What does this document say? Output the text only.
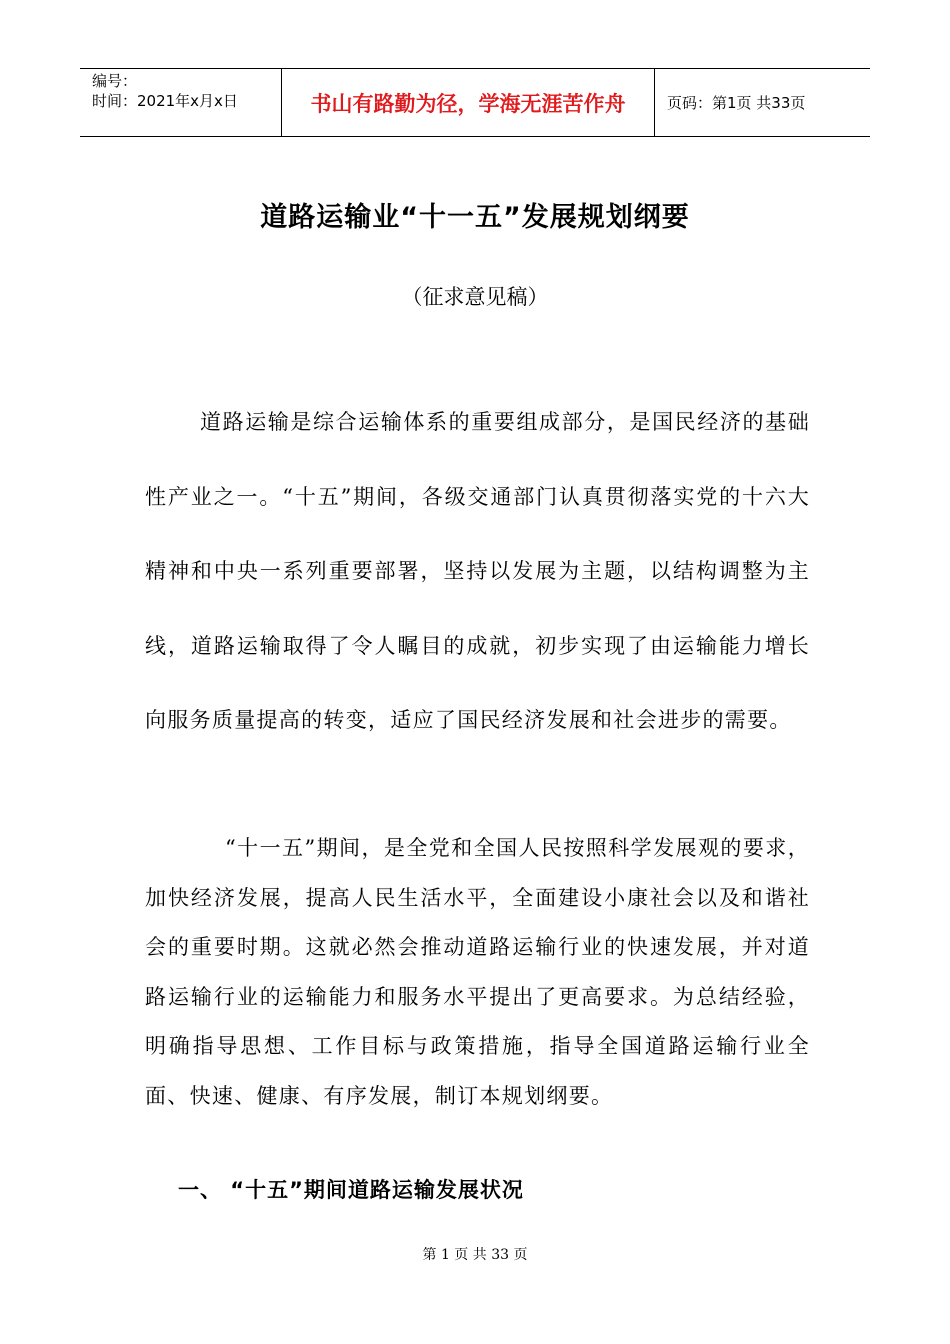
编号：
时间：2021年x月x日	书山有路勤为径，学海无涯苦作舟	页码：第1页 共33页
道路运输业“十一五”发展规划纲要
（征求意见稿）

道路运输是综合运输体系的重要组成部分，是国民经济的基础性产业之一。“十五”期间，各级交通部门认真贯彻落实党的十六大精神和中央一系列重要部署，坚持以发展为主题，以结构调整为主线，道路运输取得了令人瞩目的成就，初步实现了由运输能力增长向服务质量提高的转变，适应了国民经济发展和社会进步的需要。

“十一五”期间，是全党和全国人民按照科学发展观的要求，加快经济发展，提高人民生活水平，全面建设小康社会以及和谐社会的重要时期。这就必然会推动道路运输行业的快速发展，并对道路运输行业的运输能力和服务水平提出了更高要求。为总结经验，明确指导思想、工作目标与政策措施，指导全国道路运输行业全面、快速、健康、有序发展，制订本规划纲要。

一、 “十五”期间道路运输发展状况
第 1 页 共 33 页
